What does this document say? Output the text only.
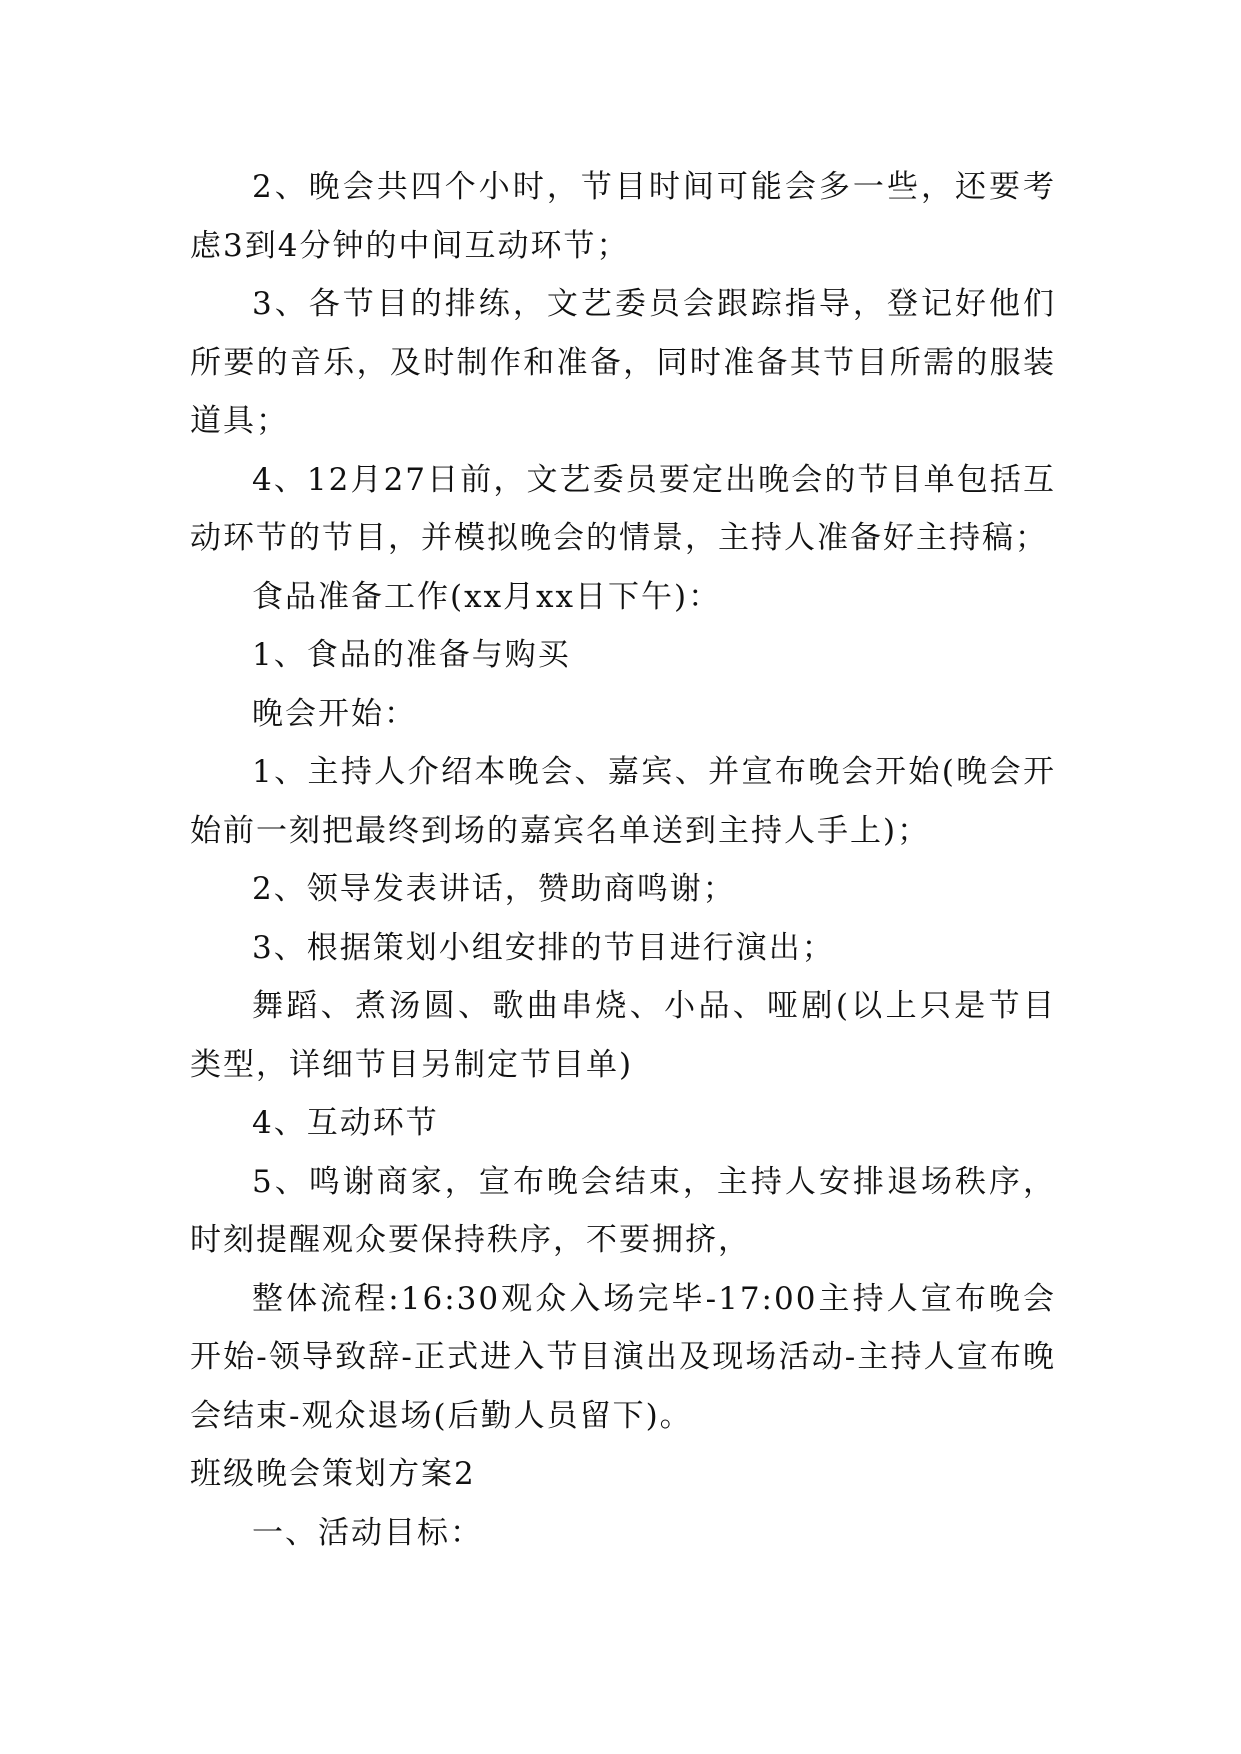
2、晚会共四个小时，节目时间可能会多一些，还要考虑3到4分钟的中间互动环节；

3、各节目的排练，文艺委员会跟踪指导，登记好他们所要的音乐，及时制作和准备，同时准备其节目所需的服装道具；

4、12月27日前，文艺委员要定出晚会的节目单包括互动环节的节目，并模拟晚会的情景，主持人准备好主持稿；

食品准备工作(xx月xx日下午)：

1、食品的准备与购买

晚会开始：

1、主持人介绍本晚会、嘉宾、并宣布晚会开始(晚会开始前一刻把最终到场的嘉宾名单送到主持人手上)；

2、领导发表讲话，赞助商鸣谢；

3、根据策划小组安排的节目进行演出；

舞蹈、煮汤圆、歌曲串烧、小品、哑剧(以上只是节目类型，详细节目另制定节目单)

4、互动环节

5、鸣谢商家，宣布晚会结束，主持人安排退场秩序，时刻提醒观众要保持秩序，不要拥挤，

整体流程:16:30观众入场完毕-17:00主持人宣布晚会开始-领导致辞-正式进入节目演出及现场活动-主持人宣布晚会结束-观众退场(后勤人员留下)。

班级晚会策划方案2

一、活动目标：
